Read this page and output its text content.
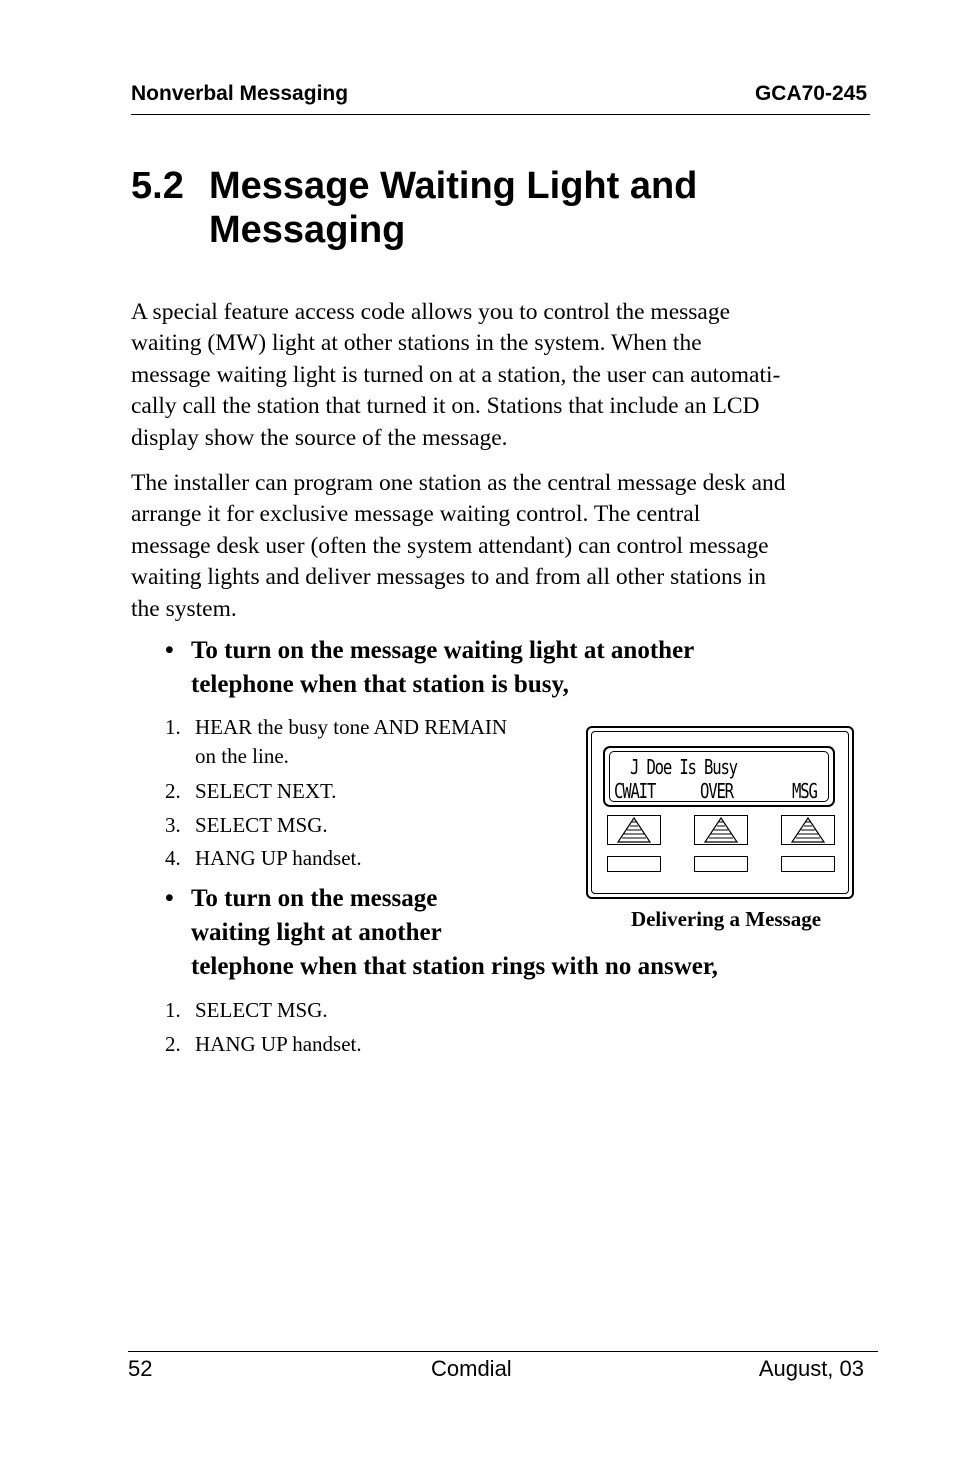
Nonverbal Messaging	GCA70-245
5.2 Message Waiting Light and
Messaging

A special feature access code allows you to control the message

waiting (MW) light at other stations in the system. When the

message waiting light is turned on at a station, the user can automati-

cally call the station that turned it on. Stations that include an LCD

display show the source of the message.

The installer can program one station as the central message desk and

arrange it for exclusive message waiting control. The central

message desk user (often the system attendant) can control message

waiting lights and deliver messages to and from all other stations in

the system.

• To turn on the message waiting light at another
telephone when that station is busy,
1. HEAR the busy tone AND REMAIN
on the line.
2. SELECT NEXT.
3. SELECT MSG.
4. HANG UP handset.
J Doe Is Busy
CWAIT OVER	MSG
Delivering a Message
• To turn on the message
waiting light at another
telephone when that station rings with no answer,
1. SELECT MSG.
2. HANG UP handset.
52	Comdial	August, 03
